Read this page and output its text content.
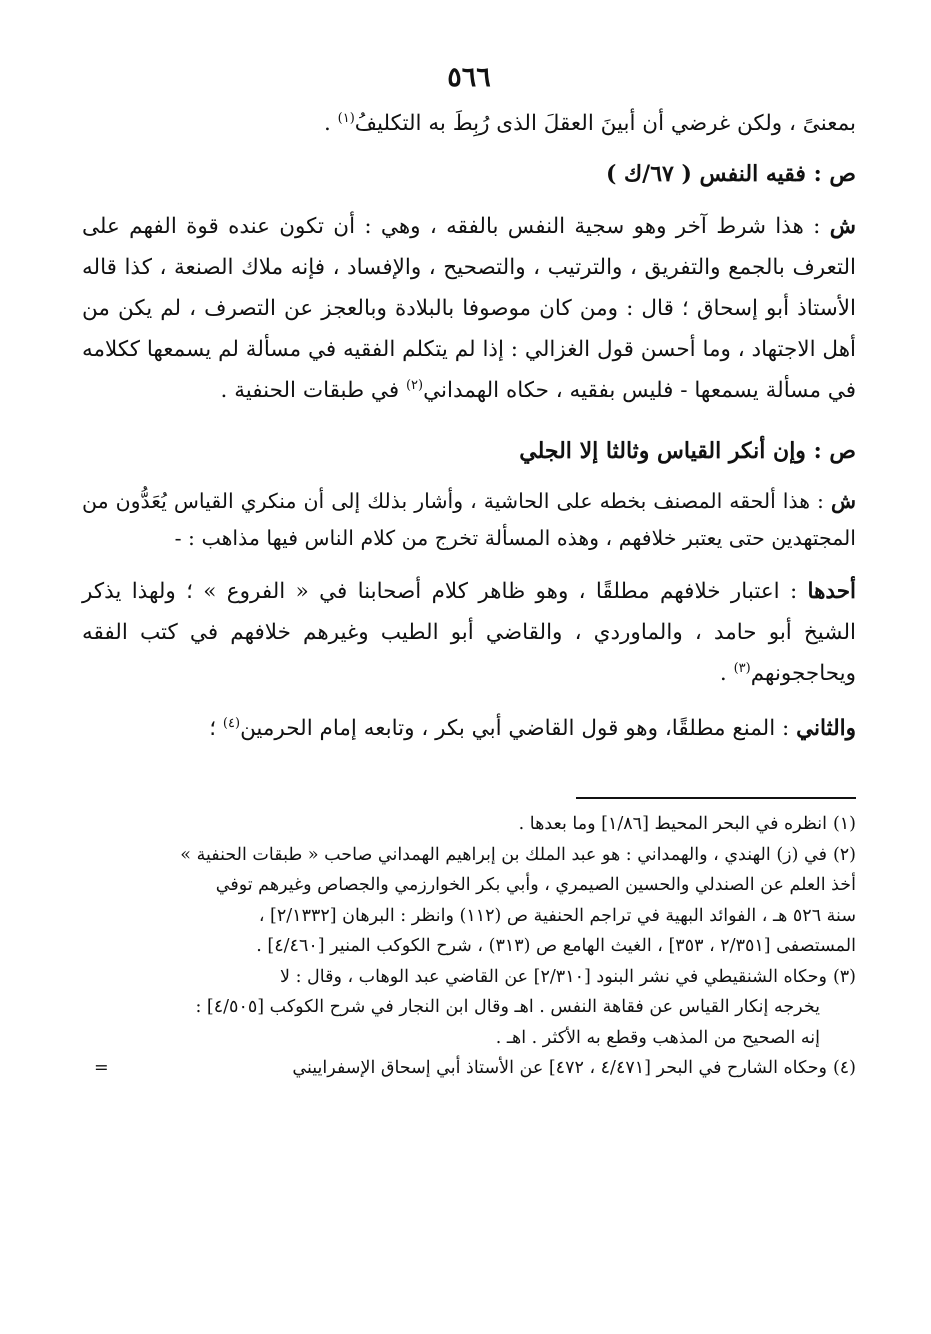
٥٦٦

بمعنىً ، ولكن غرضي أن أبينَ العقلَ الذى رُبِطَ به التكليفُ$^{(١)}$ .

ص : فقيه النفس ( ٦٧/ك )

ش : هذا شرط آخر وهو سجية النفس بالفقه ، وهي : أن تكون عنده قوة الفهم على التعرف بالجمع والتفريق ، والترتيب ، والتصحيح ، والإفساد ، فإنه ملاك الصنعة ، كذا قاله الأستاذ أبو إسحاق ؛ قال : ومن كان موصوفا بالبلادة وبالعجز عن التصرف ، لم يكن من أهل الاجتهاد ، وما أحسن قول الغزالي : إذا لم يتكلم الفقيه في مسألة لم يسمعها ككلامه في مسألة يسمعها - فليس بفقيه ، حكاه الهمداني$^{(٢)}$ في طبقات الحنفية .

ص : وإن أنكر القياس وثالثا إلا الجلي

ش : هذا ألحقه المصنف بخطه على الحاشية ، وأشار بذلك إلى أن منكري القياس يُعَدُّون من المجتهدين حتى يعتبر خلافهم ، وهذه المسألة تخرج من كلام الناس فيها مذاهب : -

أحدها : اعتبار خلافهم مطلقًا ، وهو ظاهر كلام أصحابنا في « الفروع » ؛ ولهذا يذكر الشيخ أبو حامد ، والماوردي ، والقاضي أبو الطيب وغيرهم خلافهم في كتب الفقه ويحاججونهم$^{(٣)}$ .

والثاني : المنع مطلقًا، وهو قول القاضي أبي بكر ، وتابعه إمام الحرمين$^{(٤)}$ ؛

(١)انظره في البحر المحيط [١/٨٦] وما بعدها .
(٢)في (ز) الهندي ، والهمداني : هو عبد الملك بن إبراهيم الهمداني صاحب « طبقات الحنفية »
أخذ العلم عن الصندلي والحسين الصيمري ، وأبي بكر الخوارزمي والجصاص وغيرهم توفي
سنة ٥٢٦ هـ ، الفوائد البهية في تراجم الحنفية ص (١١٢) وانظر : البرهان [٢/١٣٣٢] ،
المستصفى [٢/٣٥١ ، ٣٥٣] ، الغيث الهامع ص (٣١٣) ، شرح الكوكب المنير [٤/٤٦٠] .
(٣)وحكاه الشنقيطي في نشر البنود [٢/٣١٠] عن القاضي عبد الوهاب ، وقال : لا
يخرجه إنكار القياس عن فقاهة النفس . اهـ وقال ابن النجار في شرح الكوكب [٤/٥٠٥] :
إنه الصحيح من المذهب وقطع به الأكثر . اهـ .
=	(٤)وحكاه الشارح في البحر [٤/٤٧١ ، ٤٧٢] عن الأستاذ أبي إسحاق الإسفراييني
